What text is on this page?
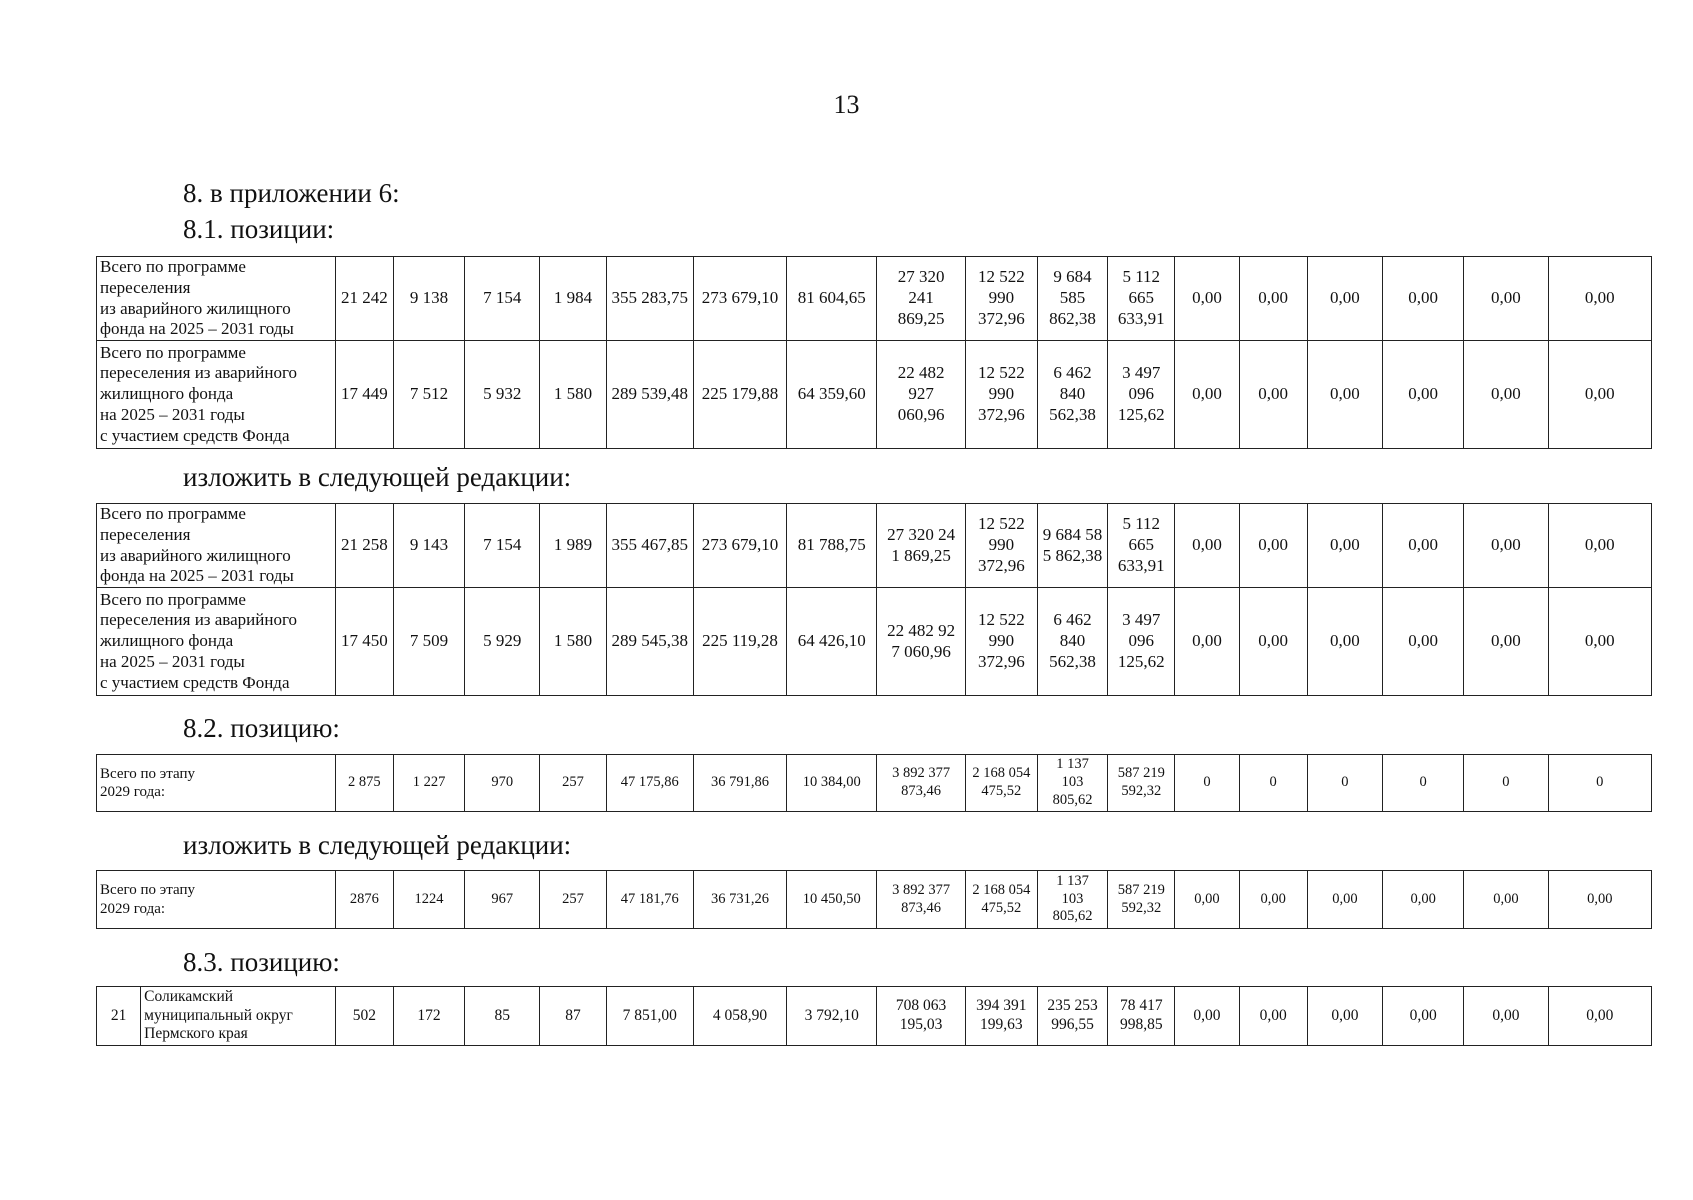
13
8. в приложении 6:
8.1. позиции:
Всего по программе
переселения
из аварийного жилищного
фонда на 2025 – 2031 годы	21 242	9 138	7 154	1 984	355 283,75	273 679,10	81 604,65	27 320
241
869,25	12 522
990
372,96	9 684
585
862,38	5 112
665
633,91	0,00	0,00	0,00	0,00	0,00	0,00
Всего по программе
переселения из аварийного
жилищного фонда
на 2025 – 2031 годы
с участием средств Фонда	17 449	7 512	5 932	1 580	289 539,48	225 179,88	64 359,60	22 482
927
060,96	12 522
990
372,96	6 462
840
562,38	3 497
096
125,62	0,00	0,00	0,00	0,00	0,00	0,00
изложить в следующей редакции:
Всего по программе
переселения
из аварийного жилищного
фонда на 2025 – 2031 годы	21 258	9 143	7 154	1 989	355 467,85	273 679,10	81 788,75	27 320 24
1 869,25	12 522
990
372,96	9 684 58
5 862,38	5 112
665
633,91	0,00	0,00	0,00	0,00	0,00	0,00
Всего по программе
переселения из аварийного
жилищного фонда
на 2025 – 2031 годы
с участием средств Фонда	17 450	7 509	5 929	1 580	289 545,38	225 119,28	64 426,10	22 482 92
7 060,96	12 522
990
372,96	6 462
840
562,38	3 497
096
125,62	0,00	0,00	0,00	0,00	0,00	0,00
8.2. позицию:
Всего по этапу
2029 года:	2 875	1 227	970	257	47 175,86	36 791,86	10 384,00	3 892 377
873,46	2 168 054
475,52	1 137
103
805,62	587 219
592,32	0	0	0	0	0	0
изложить в следующей редакции:
Всего по этапу
2029 года:	2876	1224	967	257	47 181,76	36 731,26	10 450,50	3 892 377
873,46	2 168 054
475,52	1 137
103
805,62	587 219
592,32	0,00	0,00	0,00	0,00	0,00	0,00
8.3. позицию:
21	Соликамский
муниципальный округ
Пермского края	502	172	85	87	7 851,00	4 058,90	3 792,10	708 063
195,03	394 391
199,63	235 253
996,55	78 417
998,85	0,00	0,00	0,00	0,00	0,00	0,00
